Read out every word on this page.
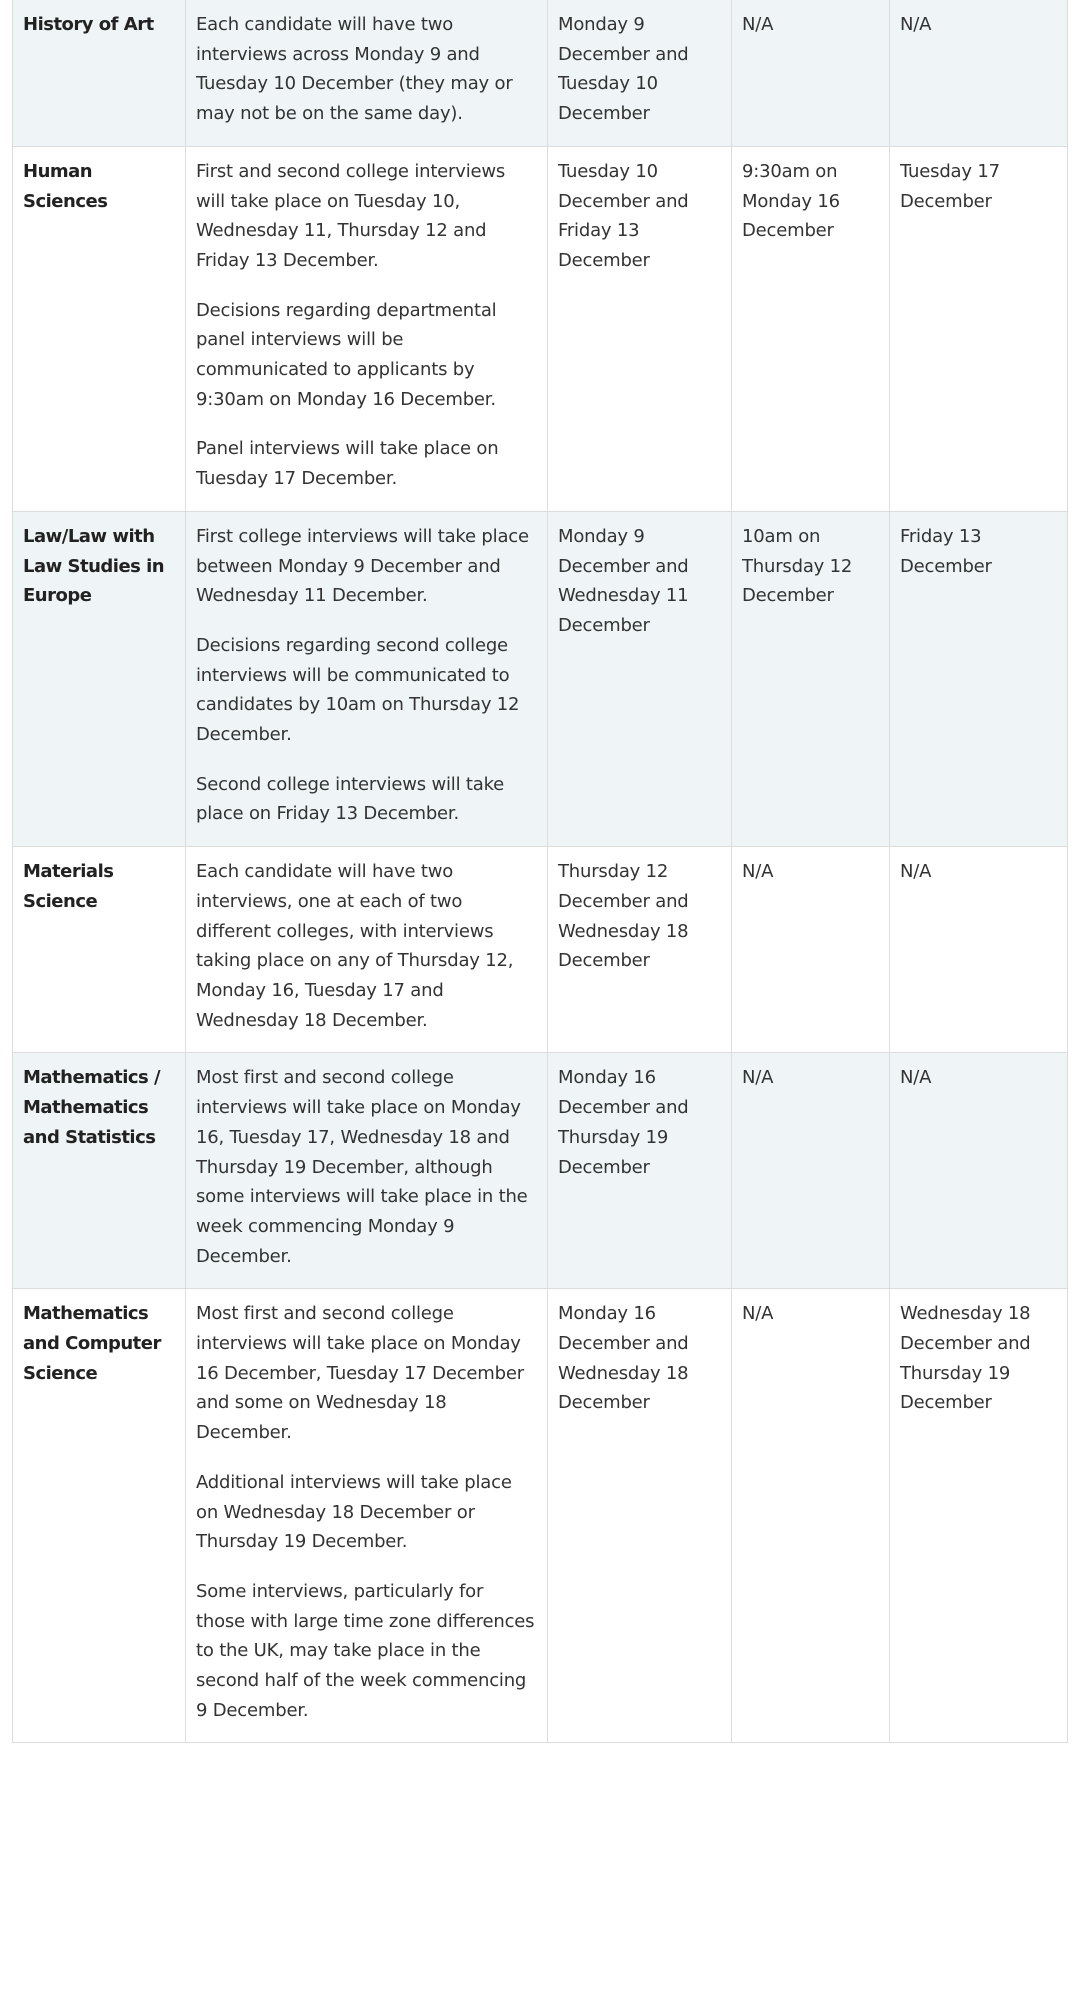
History of Art	Each candidate will have two interviews across Monday 9 and Tuesday 10 December (they may or may not be on the same day).	Monday 9 December and Tuesday 10 December	N/A	N/A
Human Sciences	First and second college interviews will take place on Tuesday 10, Wednesday 11, Thursday 12 and Friday 13 December.

Decisions regarding departmental panel interviews will be communicated to applicants by 9:30am on Monday 16 December.

Panel interviews will take place on Tuesday 17 December.	Tuesday 10 December and Friday 13 December	9:30am on Monday 16 December	Tuesday 17 December
Law/Law with Law Studies in Europe	First college interviews will take place between Monday 9 December and Wednesday 11 December.

Decisions regarding second college interviews will be communicated to candidates by 10am on Thursday 12 December.

Second college interviews will take place on Friday 13 December.	Monday 9 December and Wednesday 11 December	10am on Thursday 12 December	Friday 13 December
Materials Science	Each candidate will have two interviews, one at each of two different colleges, with interviews taking place on any of Thursday 12, Monday 16, Tuesday 17 and Wednesday 18 December.	Thursday 12 December and Wednesday 18 December	N/A	N/A
Mathematics / Mathematics and Statistics	Most first and second college interviews will take place on Monday 16, Tuesday 17, Wednesday 18 and Thursday 19 December, although some interviews will take place in the week commencing Monday 9 December.	Monday 16 December and Thursday 19 December	N/A	N/A
Mathematics and Computer Science	Most first and second college interviews will take place on Monday 16 December, Tuesday 17 December and some on Wednesday 18 December.

Additional interviews will take place on Wednesday 18 December or Thursday 19 December.

Some interviews, particularly for those with large time zone differences to the UK, may take place in the second half of the week commencing 9 December.	Monday 16 December and Wednesday 18 December	N/A	Wednesday 18 December and Thursday 19 December
